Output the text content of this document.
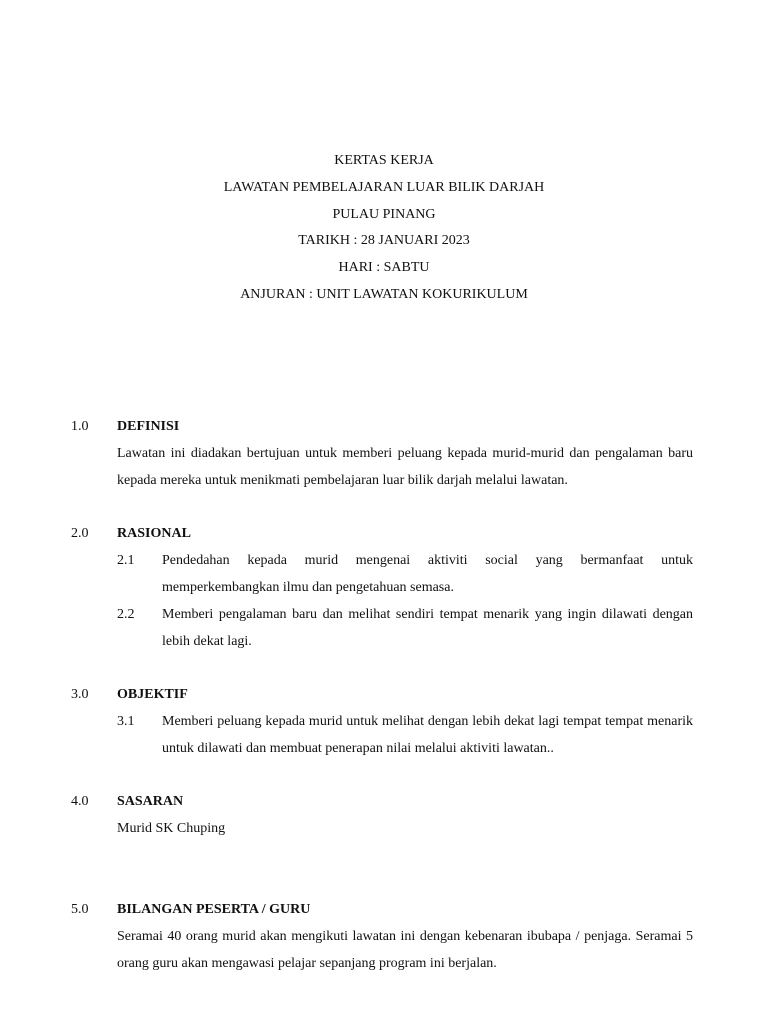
KERTAS KERJA
LAWATAN PEMBELAJARAN LUAR BILIK DARJAH
PULAU PINANG
TARIKH : 28 JANUARI 2023
HARI : SABTU
ANJURAN : UNIT LAWATAN KOKURIKULUM
1.0 DEFINISI
Lawatan ini diadakan bertujuan untuk memberi peluang kepada murid-murid dan pengalaman baru kepada mereka untuk menikmati pembelajaran luar bilik darjah melalui lawatan.
2.0 RASIONAL
2.1 Pendedahan kepada murid mengenai aktiviti social yang bermanfaat untuk memperkembangkan ilmu dan pengetahuan semasa.
2.2 Memberi pengalaman baru dan melihat sendiri tempat menarik yang ingin dilawati dengan lebih dekat lagi.
3.0 OBJEKTIF
3.1 Memberi peluang kepada murid untuk melihat dengan lebih dekat lagi tempat tempat menarik untuk dilawati dan membuat penerapan nilai melalui aktiviti lawatan..
4.0 SASARAN
Murid SK Chuping
5.0 BILANGAN PESERTA / GURU
Seramai 40 orang murid akan mengikuti lawatan ini dengan kebenaran ibubapa / penjaga. Seramai 5 orang guru akan mengawasi pelajar sepanjang program ini berjalan.
